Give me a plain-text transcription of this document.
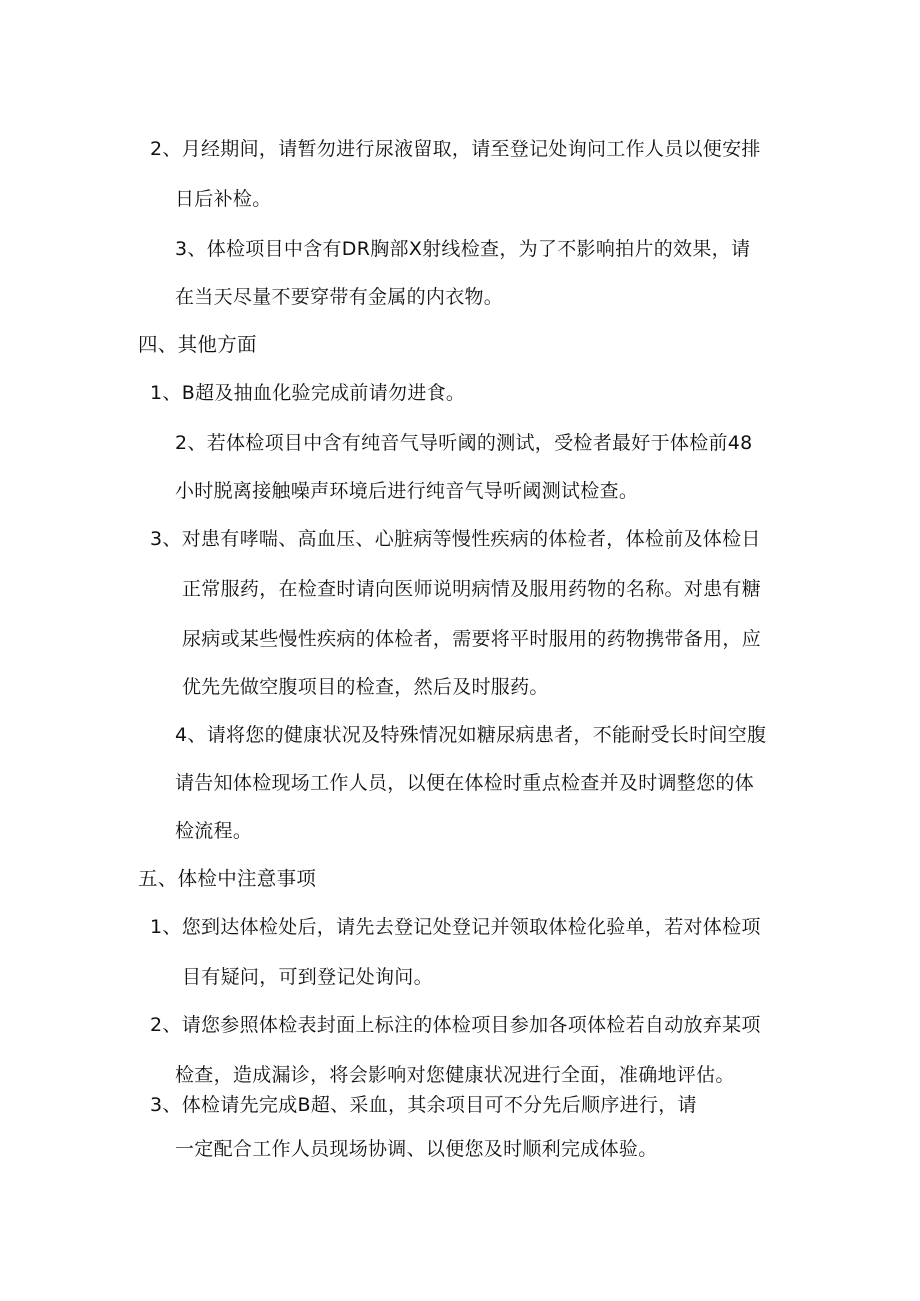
2、月经期间，请暂勿进行尿液留取，请至登记处询问工作人员以便安排
日后补检。
3、体检项目中含有DR胸部X射线检查，为了不影响拍片的效果，请
在当天尽量不要穿带有金属的内衣物。
四、其他方面
1、B超及抽血化验完成前请勿进食。
2、若体检项目中含有纯音气导听阈的测试，受检者最好于体检前48
小时脱离接触噪声环境后进行纯音气导听阈测试检查。
3、对患有哮喘、高血压、心脏病等慢性疾病的体检者，体检前及体检日
正常服药，在检查时请向医师说明病情及服用药物的名称。对患有糖
尿病或某些慢性疾病的体检者，需要将平时服用的药物携带备用，应
优先先做空腹项目的检查，然后及时服药。
4、请将您的健康状况及特殊情况如糖尿病患者，不能耐受长时间空腹
请告知体检现场工作人员，以便在体检时重点检查并及时调整您的体
检流程。
五、体检中注意事项
1、您到达体检处后，请先去登记处登记并领取体检化验单，若对体检项
目有疑问，可到登记处询问。
2、请您参照体检表封面上标注的体检项目参加各项体检若自动放弃某项
检查，造成漏诊，将会影响对您健康状况进行全面，准确地评估。
3、体检请先完成B超、采血，其余项目可不分先后顺序进行，请
一定配合工作人员现场协调、以便您及时顺利完成体验。
